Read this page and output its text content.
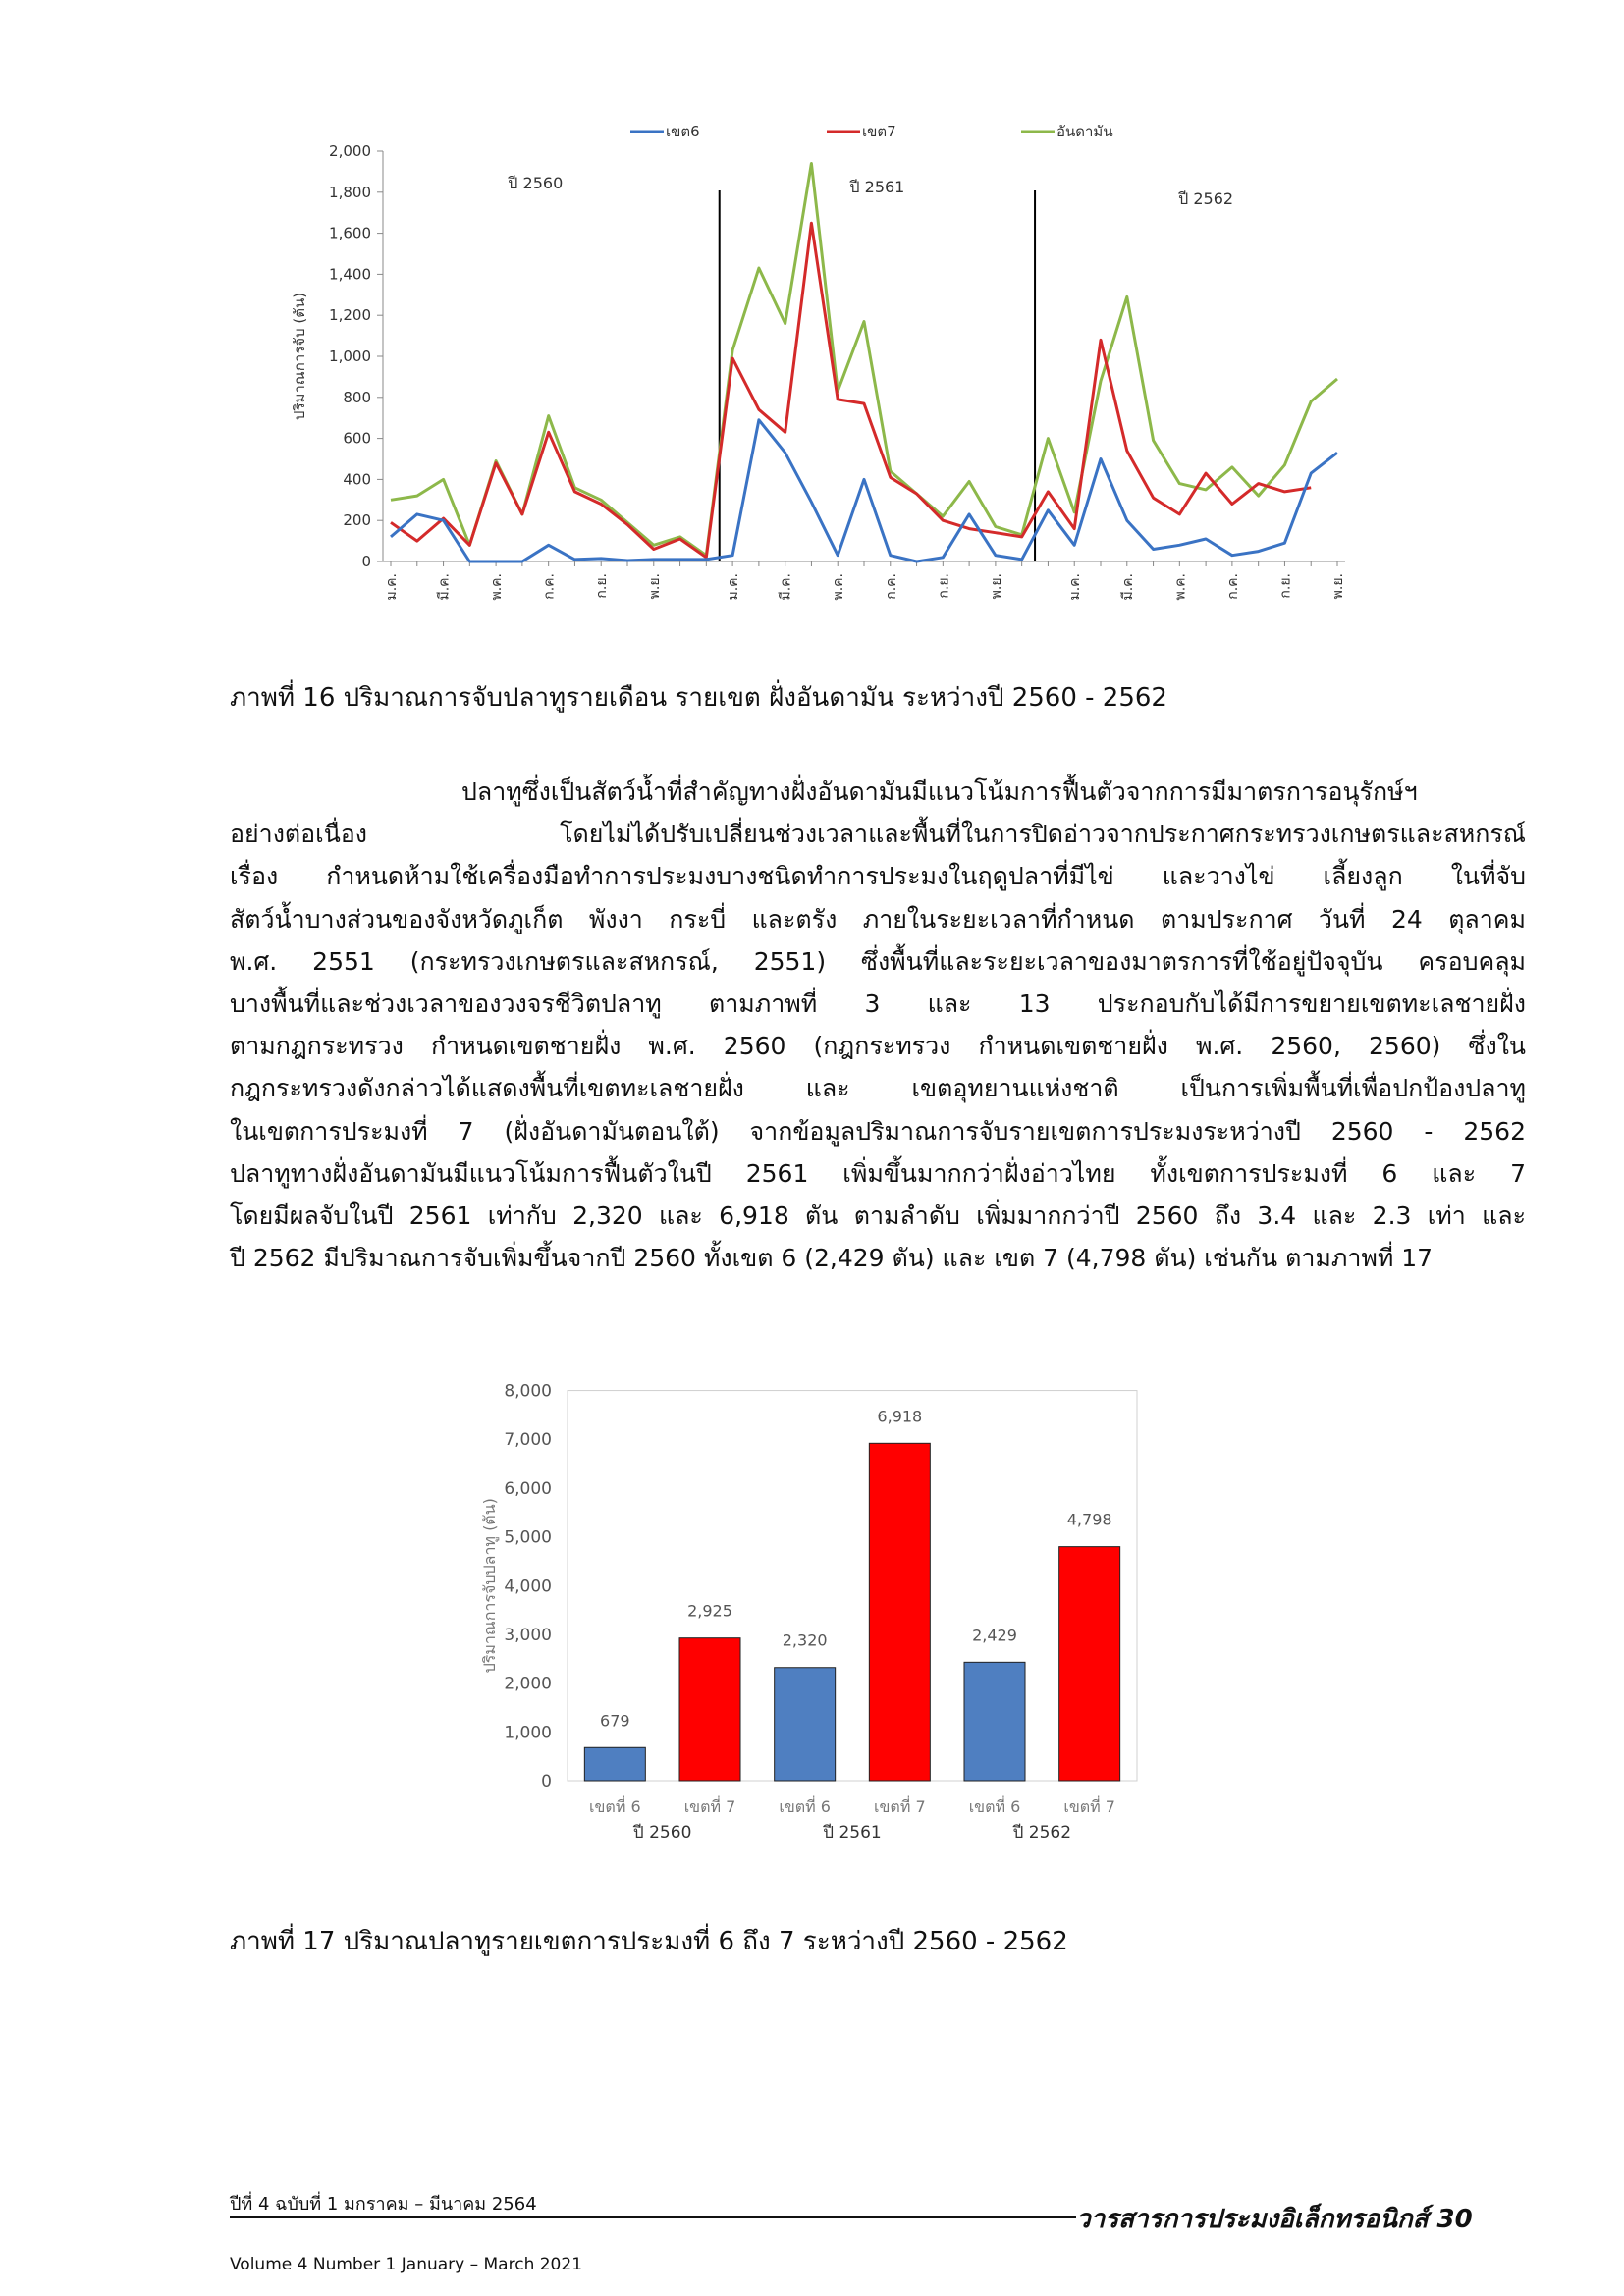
0
200
400
600
800
1,000
1,200
1,400
1,600
1,800
2,000
ปริมาณการจับ (ตัน)
ม.ค.	มี.ค.	พ.ค.	ก.ค.	ก.ย.	พ.ย.	ม.ค.	มี.ค.	พ.ค.	ก.ค.	ก.ย.	พ.ย.	ม.ค.	มี.ค.	พ.ค.	ก.ค.	ก.ย.	พ.ย.
ปี 2560	ปี 2561
ปี 2562
เขต6	เขต7	อันดามัน
ภาพที่ 16 ปริมาณการจับปลาทูรายเดือน รายเขต ฝั่งอันดามัน ระหว่างปี 2560 - 2562
ปลาทูซึ่งเป็นสัตว์น้ำที่สำคัญทางฝั่งอันดามันมีแนวโน้มการฟื้นตัวจากการมีมาตรการอนุรักษ์ฯ
อย่างต่อเนื่อง โดยไม่ได้ปรับเปลี่ยนช่วงเวลาและพื้นที่ในการปิดอ่าวจากประกาศกระทรวงเกษตรและสหกรณ์
เรื่อง กำหนดห้ามใช้เครื่องมือทำการประมงบางชนิดทำการประมงในฤดูปลาที่มีไข่ และวางไข่ เลี้ยงลูก ในที่จับ
สัตว์น้ำบางส่วนของจังหวัดภูเก็ต พังงา กระบี่ และตรัง ภายในระยะเวลาที่กำหนด ตามประกาศ วันที่ 24 ตุลาคม
พ.ศ. 2551 (กระทรวงเกษตรและสหกรณ์, 2551) ซึ่งพื้นที่และระยะเวลาของมาตรการที่ใช้อยู่ปัจจุบัน ครอบคลุม
บางพื้นที่และช่วงเวลาของวงจรชีวิตปลาทู ตามภาพที่ 3 และ 13 ประกอบกับได้มีการขยายเขตทะเลชายฝั่ง
ตามกฎกระทรวง กำหนดเขตชายฝั่ง พ.ศ. 2560 (กฎกระทรวง กำหนดเขตชายฝั่ง พ.ศ. 2560, 2560) ซึ่งใน
กฎกระทรวงดังกล่าวได้แสดงพื้นที่เขตทะเลชายฝั่ง และ เขตอุทยานแห่งชาติ เป็นการเพิ่มพื้นที่เพื่อปกป้องปลาทู
ในเขตการประมงที่ 7 (ฝั่งอันดามันตอนใต้) จากข้อมูลปริมาณการจับรายเขตการประมงระหว่างปี 2560 - 2562
ปลาทูทางฝั่งอันดามันมีแนวโน้มการฟื้นตัวในปี 2561 เพิ่มขึ้นมากกว่าฝั่งอ่าวไทย ทั้งเขตการประมงที่ 6 และ 7
โดยมีผลจับในปี 2561 เท่ากับ 2,320 และ 6,918 ตัน ตามลำดับ เพิ่มมากกว่าปี 2560 ถึง 3.4 และ 2.3 เท่า และ
ปี 2562 มีปริมาณการจับเพิ่มขึ้นจากปี 2560 ทั้งเขต 6 (2,429 ตัน) และ เขต 7 (4,798 ตัน) เช่นกัน ตามภาพที่ 17
0
1,000
2,000
3,000
4,000
5,000
6,000
7,000
8,000
ปริมาณการจับปลาทู (ตัน)
679
เขตที่ 6
2,925
เขตที่ 7
2,320
เขตที่ 6
6,918
เขตที่ 7
2,429
เขตที่ 6
4,798
เขตที่ 7
ปี 2560	ปี 2561	ปี 2562
ภาพที่ 17 ปริมาณปลาทูรายเขตการประมงที่ 6 ถึง 7 ระหว่างปี 2560 - 2562
ปีที่ 4 ฉบับที่ 1 มกราคม – มีนาคม 2564
วารสารการประมงอิเล็กทรอนิกส์ 30
Volume 4 Number 1 January – March 2021
